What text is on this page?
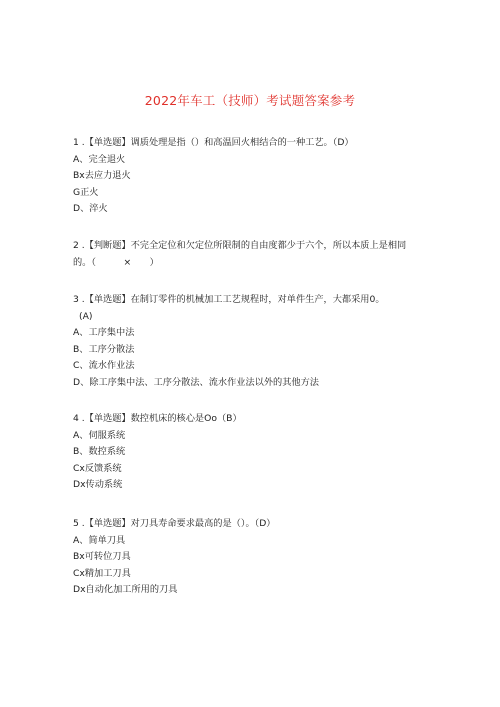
2022年车工（技师）考试题答案参考
1 .【单选题】调质处理是指（）和高温回火相结合的一种工艺。（D）
A、完全退火
Bx去应力退火
G正火
D、淬火
2 .【判断题】不完全定位和欠定位所限制的自由度都少于六个，所以本质上是相同
的。（　　　×　　）
3 .【单选题】在制订零件的机械加工工艺规程时，对单件生产，大都采用0。
(A)
A、工序集中法
B、工序分散法
C、流水作业法
D、除工序集中法、工序分散法、流水作业法以外的其他方法
4 .【单选题】数控机床的核心是Oo（B）
A、伺服系统
B、数控系统
Cx反馈系统
Dx传动系统
5 .【单选题】对刀具寿命要求最高的是（）。（D）
A、简单刀具
Bx可转位刀具
Cx精加工刀具
Dx自动化加工所用的刀具
